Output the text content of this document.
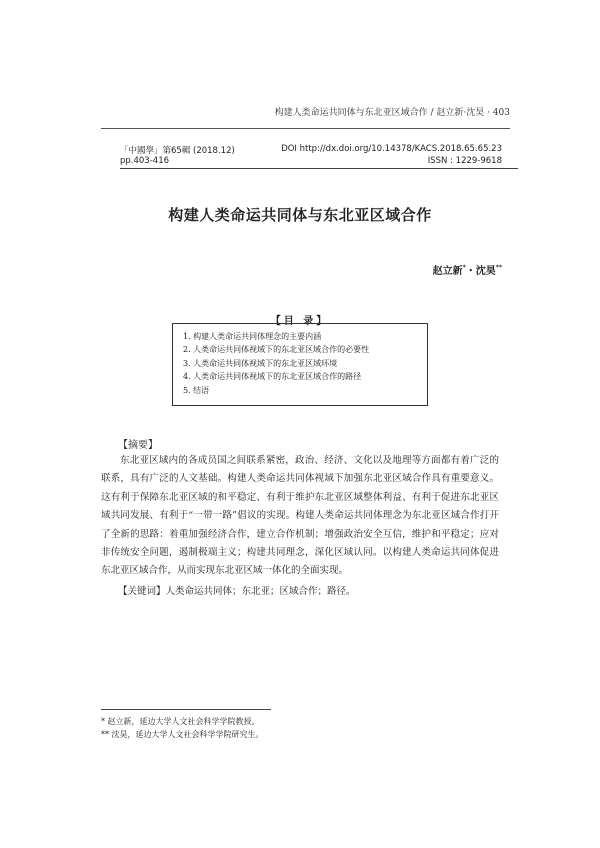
构建人类命运共同体与东北亚区域合作 / 赵立新·沈昊 · 403
「中國學」第65輯 (2018.12)
pp.403-416
DOI http://dx.doi.org/10.14378/KACS.2018.65.65.23
ISSN : 1229-9618
构建人类命运共同体与东北亚区域合作
赵立新*・沈昊**
【目 录】
1. 构建人类命运共同体理念的主要内涵
2. 人类命运共同体视域下的东北亚区域合作的必要性
3. 人类命运共同体视域下的东北亚区域环境
4. 人类命运共同体视域下的东北亚区域合作的路径
5. 结语
【摘要】

东北亚区域内的各成员国之间联系紧密，政治、经济、文化以及地理等方面都有着广泛的联系，具有广泛的人文基础。构建人类命运共同体视域下加强东北亚区域合作具有重要意义。这有利于保障东北亚区域的和平稳定、有利于维护东北亚区域整体利益、有利于促进东北亚区域共同发展、有利于“一带一路”倡议的实现。构建人类命运共同体理念为东北亚区域合作打开了全新的思路：着重加强经济合作，建立合作机制；增强政治安全互信，维护和平稳定；应对非传统安全问题，遏制极端主义；构建共同理念，深化区域认同。以构建人类命运共同体促进东北亚区域合作，从而实现东北亚区域一体化的全面实现。

【关键词】人类命运共同体；东北亚；区域合作；路径。
* 赵立新，延边大学人文社会科学学院教授。
** 沈昊，延边大学人文社会科学学院研究生。
